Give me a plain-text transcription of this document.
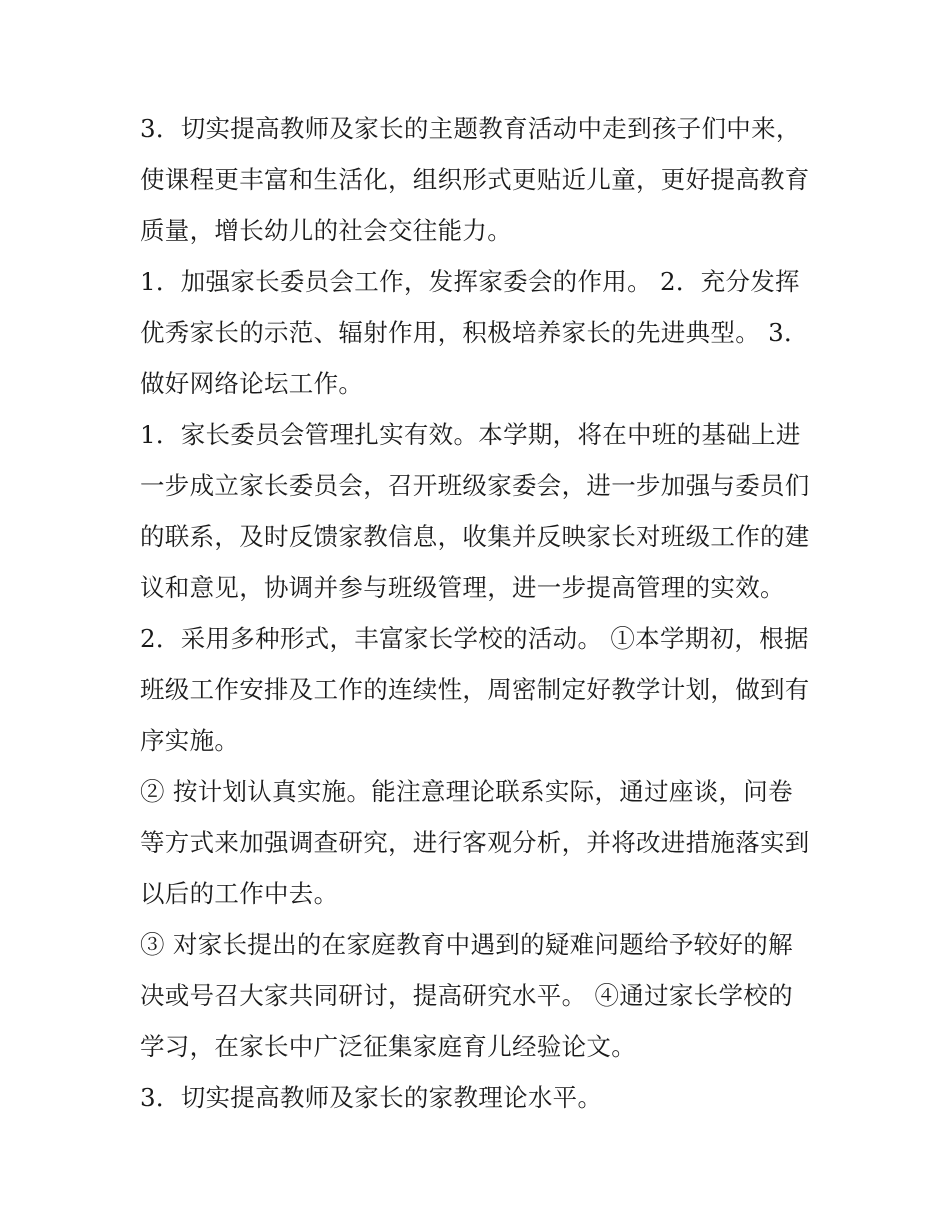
3．切实提高教师及家长的主题教育活动中走到孩子们中来，
使课程更丰富和生活化，组织形式更贴近儿童，更好提高教育
质量，增长幼儿的社会交往能力。
1．加强家长委员会工作，发挥家委会的作用。 2．充分发挥
优秀家长的示范、辐射作用，积极培养家长的先进典型。 3．
做好网络论坛工作。
1．家长委员会管理扎实有效。本学期，将在中班的基础上进
一步成立家长委员会，召开班级家委会，进一步加强与委员们
的联系，及时反馈家教信息，收集并反映家长对班级工作的建
议和意见，协调并参与班级管理，进一步提高管理的实效。
2．采用多种形式，丰富家长学校的活动。 ①本学期初，根据
班级工作安排及工作的连续性，周密制定好教学计划，做到有
序实施。
② 按计划认真实施。能注意理论联系实际，通过座谈，问卷
等方式来加强调查研究，进行客观分析，并将改进措施落实到
以后的工作中去。
③ 对家长提出的在家庭教育中遇到的疑难问题给予较好的解
决或号召大家共同研讨，提高研究水平。 ④通过家长学校的
学习，在家长中广泛征集家庭育儿经验论文。
3．切实提高教师及家长的家教理论水平。
